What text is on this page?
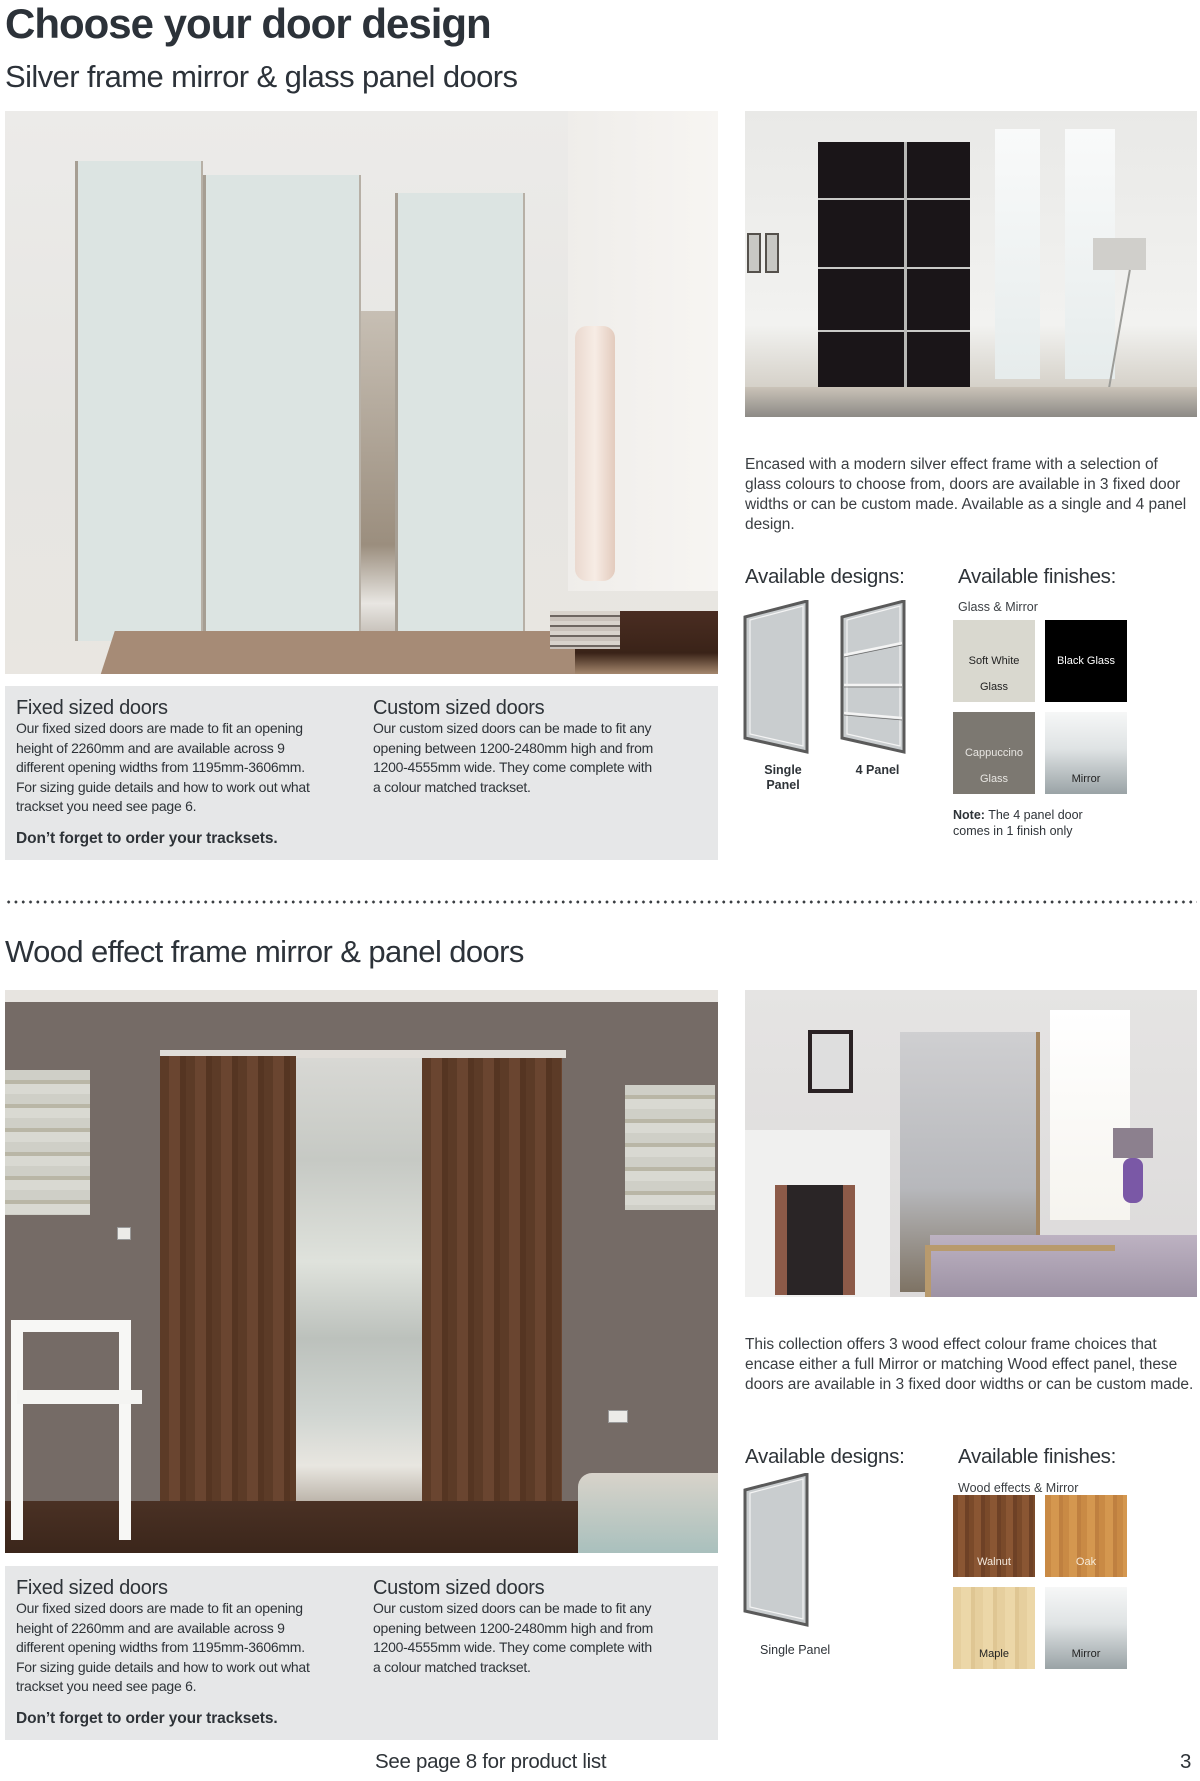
Choose your door design
Silver frame mirror & glass panel doors
Encased with a modern silver effect frame with a selection of glass colours to choose from, doors are available in 3 fixed door widths or can be custom made. Available as a single and 4 panel design.
Available designs:	Available finishes:
Glass & Mirror
Single
Panel
4 Panel
Soft White

Glass
Black Glass
Cappuccino

Glass	Mirror
Note: The 4 panel door
comes in 1 finish only
Fixed sized doors

Our fixed sized doors are made to fit an opening
height of 2260mm and are available across 9
different opening widths from 1195mm-3606mm.
For sizing guide details and how to work out what
trackset you need see page 6.

Custom sized doors

Our custom sized doors can be made to fit any
opening between 1200-2480mm high and from
1200-4555mm wide. They come complete with
a colour matched trackset.

Don’t forget to order your tracksets.
Wood effect frame mirror & panel doors
This collection offers 3 wood effect colour frame choices that encase either a full Mirror or matching Wood effect panel, these doors are available in 3 fixed door widths or can be custom made.
Available designs:	Available finishes:
Wood effects & Mirror
Single Panel
Walnut	Oak
Maple	Mirror
Fixed sized doors

Our fixed sized doors are made to fit an opening
height of 2260mm and are available across 9
different opening widths from 1195mm-3606mm.
For sizing guide details and how to work out what
trackset you need see page 6.

Custom sized doors

Our custom sized doors can be made to fit any
opening between 1200-2480mm high and from
1200-4555mm wide. They come complete with
a colour matched trackset.

Don’t forget to order your tracksets.
See page 8 for product list	3
